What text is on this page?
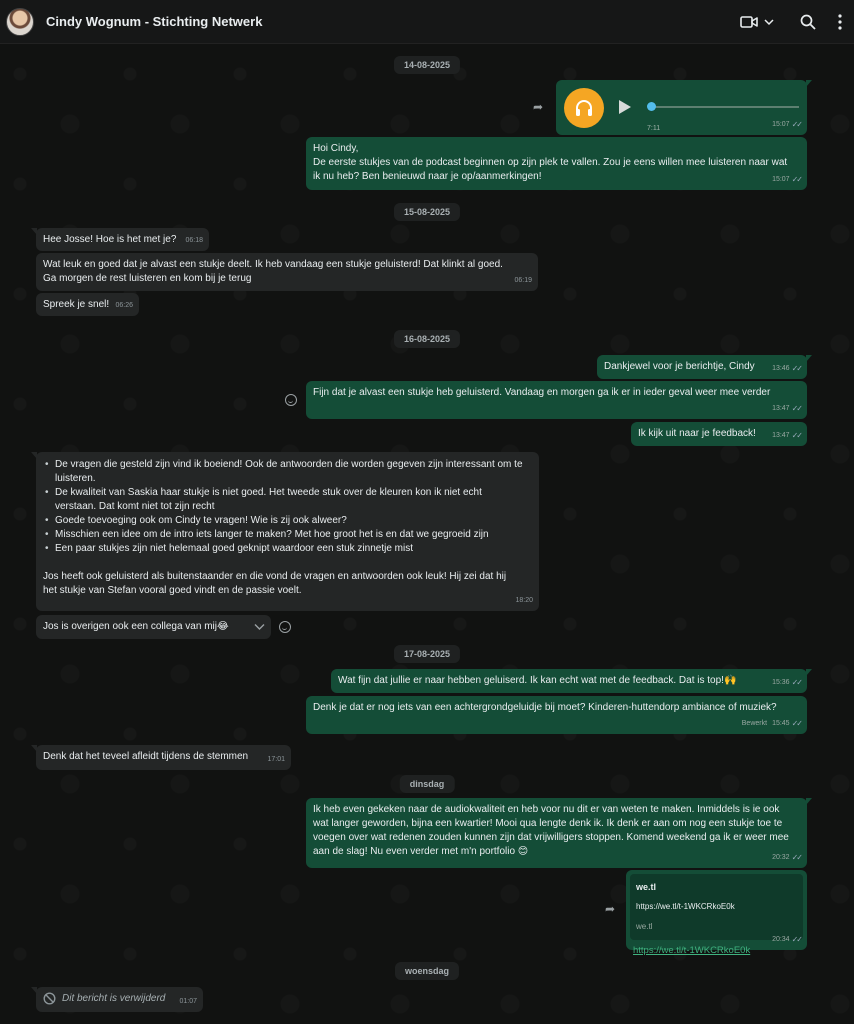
Cindy Wognum - Stichting Netwerk
14-08-2025
➦
7:11
15:07 ✓✓
Hoi Cindy,
De eerste stukjes van de podcast beginnen op zijn plek te vallen. Zou je eens willen mee luisteren naar wat ik nu heb? Ben benieuwd naar je op/aanmerkingen!	15:07 ✓✓
15-08-2025
Hee Josse! Hoe is het met je? 06:18
Wat leuk en goed dat je alvast een stukje deelt. Ik heb vandaag een stukje geluisterd! Dat klinkt al goed. Ga morgen de rest luisteren en kom bij je terug	06:19
Spreek je snel! 06:26
16-08-2025
Dankjewel voor je berichtje, Cindy 13:46 ✓✓
Fijn dat je alvast een stukje heb geluisterd. Vandaag en morgen ga ik er in ieder geval weer mee verder
13:47 ✓✓
Ik kijk uit naar je feedback! 13:47 ✓✓
• De vragen die gesteld zijn vind ik boeiend! Ook de antwoorden die worden gegeven zijn interessant om te luisteren.
• De kwaliteit van Saskia haar stukje is niet goed. Het tweede stuk over de kleuren kon ik niet echt verstaan. Dat komt niet tot zijn recht
• Goede toevoeging ook om Cindy te vragen! Wie is zij ook alweer?
• Misschien een idee om de intro iets langer te maken? Met hoe groot het is en dat we gegroeid zijn
• Een paar stukjes zijn niet helemaal goed geknipt waardoor een stuk zinnetje mist
Jos heeft ook geluisterd als buitenstaander en die vond de vragen en antwoorden ook leuk! Hij zei dat hij het stukje van Stefan vooral goed vindt en de passie voelt.
18:20
Jos is overigen ook een collega van mij😂
17-08-2025
Wat fijn dat jullie er naar hebben geluiserd. Ik kan echt wat met de feedback. Dat is top!🙌	15:36 ✓✓
Denk je dat er nog iets van een achtergrondgeluidje bij moet? Kinderen-huttendorp ambiance of muziek?
Bewerkt 15:45 ✓✓
Denk dat het teveel afleidt tijdens de stemmen	17:01
dinsdag
Ik heb even gekeken naar de audiokwaliteit en heb voor nu dit er van weten te maken. Inmiddels is ie ook wat langer geworden, bijna een kwartier! Mooi qua lengte denk ik. Ik denk er aan om nog een stukje toe te voegen over wat redenen zouden kunnen zijn dat vrijwilligers stoppen. Komend weekend ga ik er weer mee aan de slag! Nu even verder met m'n portfolio 😊
20:32 ✓✓
➦
we.tl
https://we.tl/t-1WKCRkoE0k
we.tl
https://we.tl/t-1WKCRkoE0k
20:34 ✓✓
woensdag
Dit bericht is verwijderd 01:07
